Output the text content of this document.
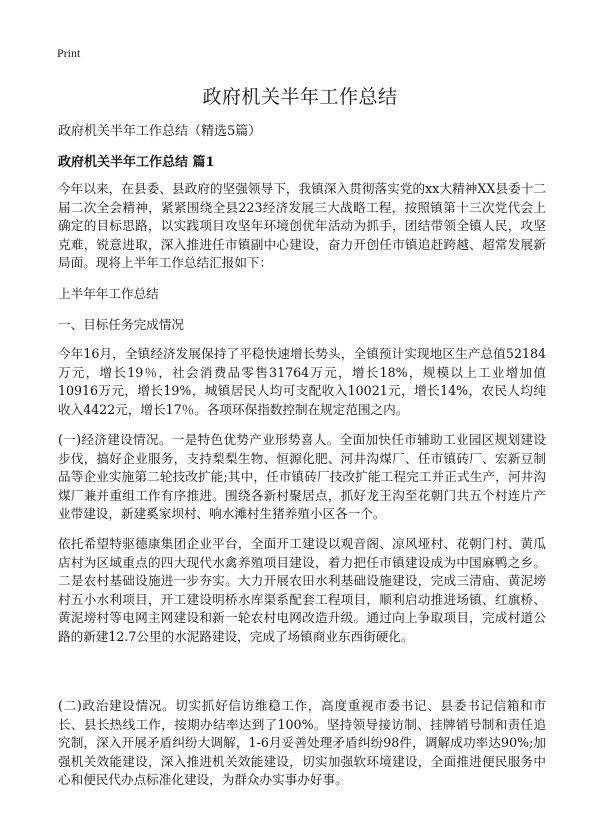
Print
政府机关半年工作总结
政府机关半年工作总结（精选5篇）
政府机关半年工作总结 篇1

今年以来，在县委、县政府的坚强领导下，我镇深入贯彻落实党的xx大精神XX县委十二届二次全会精神，紧紧围绕全县223经济发展三大战略工程，按照镇第十三次党代会上确定的目标思路，以实践项目攻坚年环境创优年活动为抓手，团结带领全镇人民，攻坚克难，锐意进取，深入推进任市镇副中心建设，奋力开创任市镇追赶跨越、超常发展新局面。现将上半年工作总结汇报如下：

上半年年工作总结

一、目标任务完成情况

今年16月，全镇经济发展保持了平稳快速增长势头，全镇预计实现地区生产总值52184万元，增长19％，社会消费品零售31764万元，增长18%，规模以上工业增加值10916万元，增长19%，城镇居民人均可支配收入10021元，增长14%，农民人均纯收入4422元，增长17％。各项环保指数控制在规定范围之内。

(一)经济建设情况。一是特色优势产业形势喜人。全面加快任市辅助工业园区规划建设步伐，搞好企业服务，支持梨梨生物、恒源化肥、河井沟煤厂、任市镇砖厂、宏新豆制品等企业实施第二轮技改扩能;其中，任市镇砖厂技改扩能工程完工并正式生产，河井沟煤厂兼并重组工作有序推进。围绕各新村聚居点，抓好龙王沟至花朝门共五个村连片产业带建设，新建奚家坝村、响水滩村生猪养殖小区各一个。

依托希望特驱德康集团企业平台，全面开工建设以观音阁、凉风垭村、花朝门村、黄瓜店村为区域重点的四大现代水禽养殖项目建设，着力把任市镇建设成为中国麻鸭之乡。二是农村基础设施进一步夯实。大力开展农田水利基础设施建设，完成三清庙、黄泥塝村五小水利项目，开工建设明桥水库渠系配套工程项目，顺利启动推进场镇、红旗桥、黄泥塝村等电网主网建设和新一轮农村电网改造升级。通过向上争取项目，完成村道公路的新建12.7公里的水泥路建设，完成了场镇商业东西街硬化。

(二)政治建设情况。切实抓好信访维稳工作，高度重视市委书记、县委书记信箱和市长、县长热线工作，按期办结率达到了100%。坚持领导接访制、挂牌销号制和责任追究制，深入开展矛盾纠纷大调解，1-6月妥善处理矛盾纠纷98件，调解成功率达90%;加强机关效能建设，深入推进机关效能建设，切实加强软环境建设，全面推进便民服务中心和便民代办点标准化建设，为群众办实事办好事。
